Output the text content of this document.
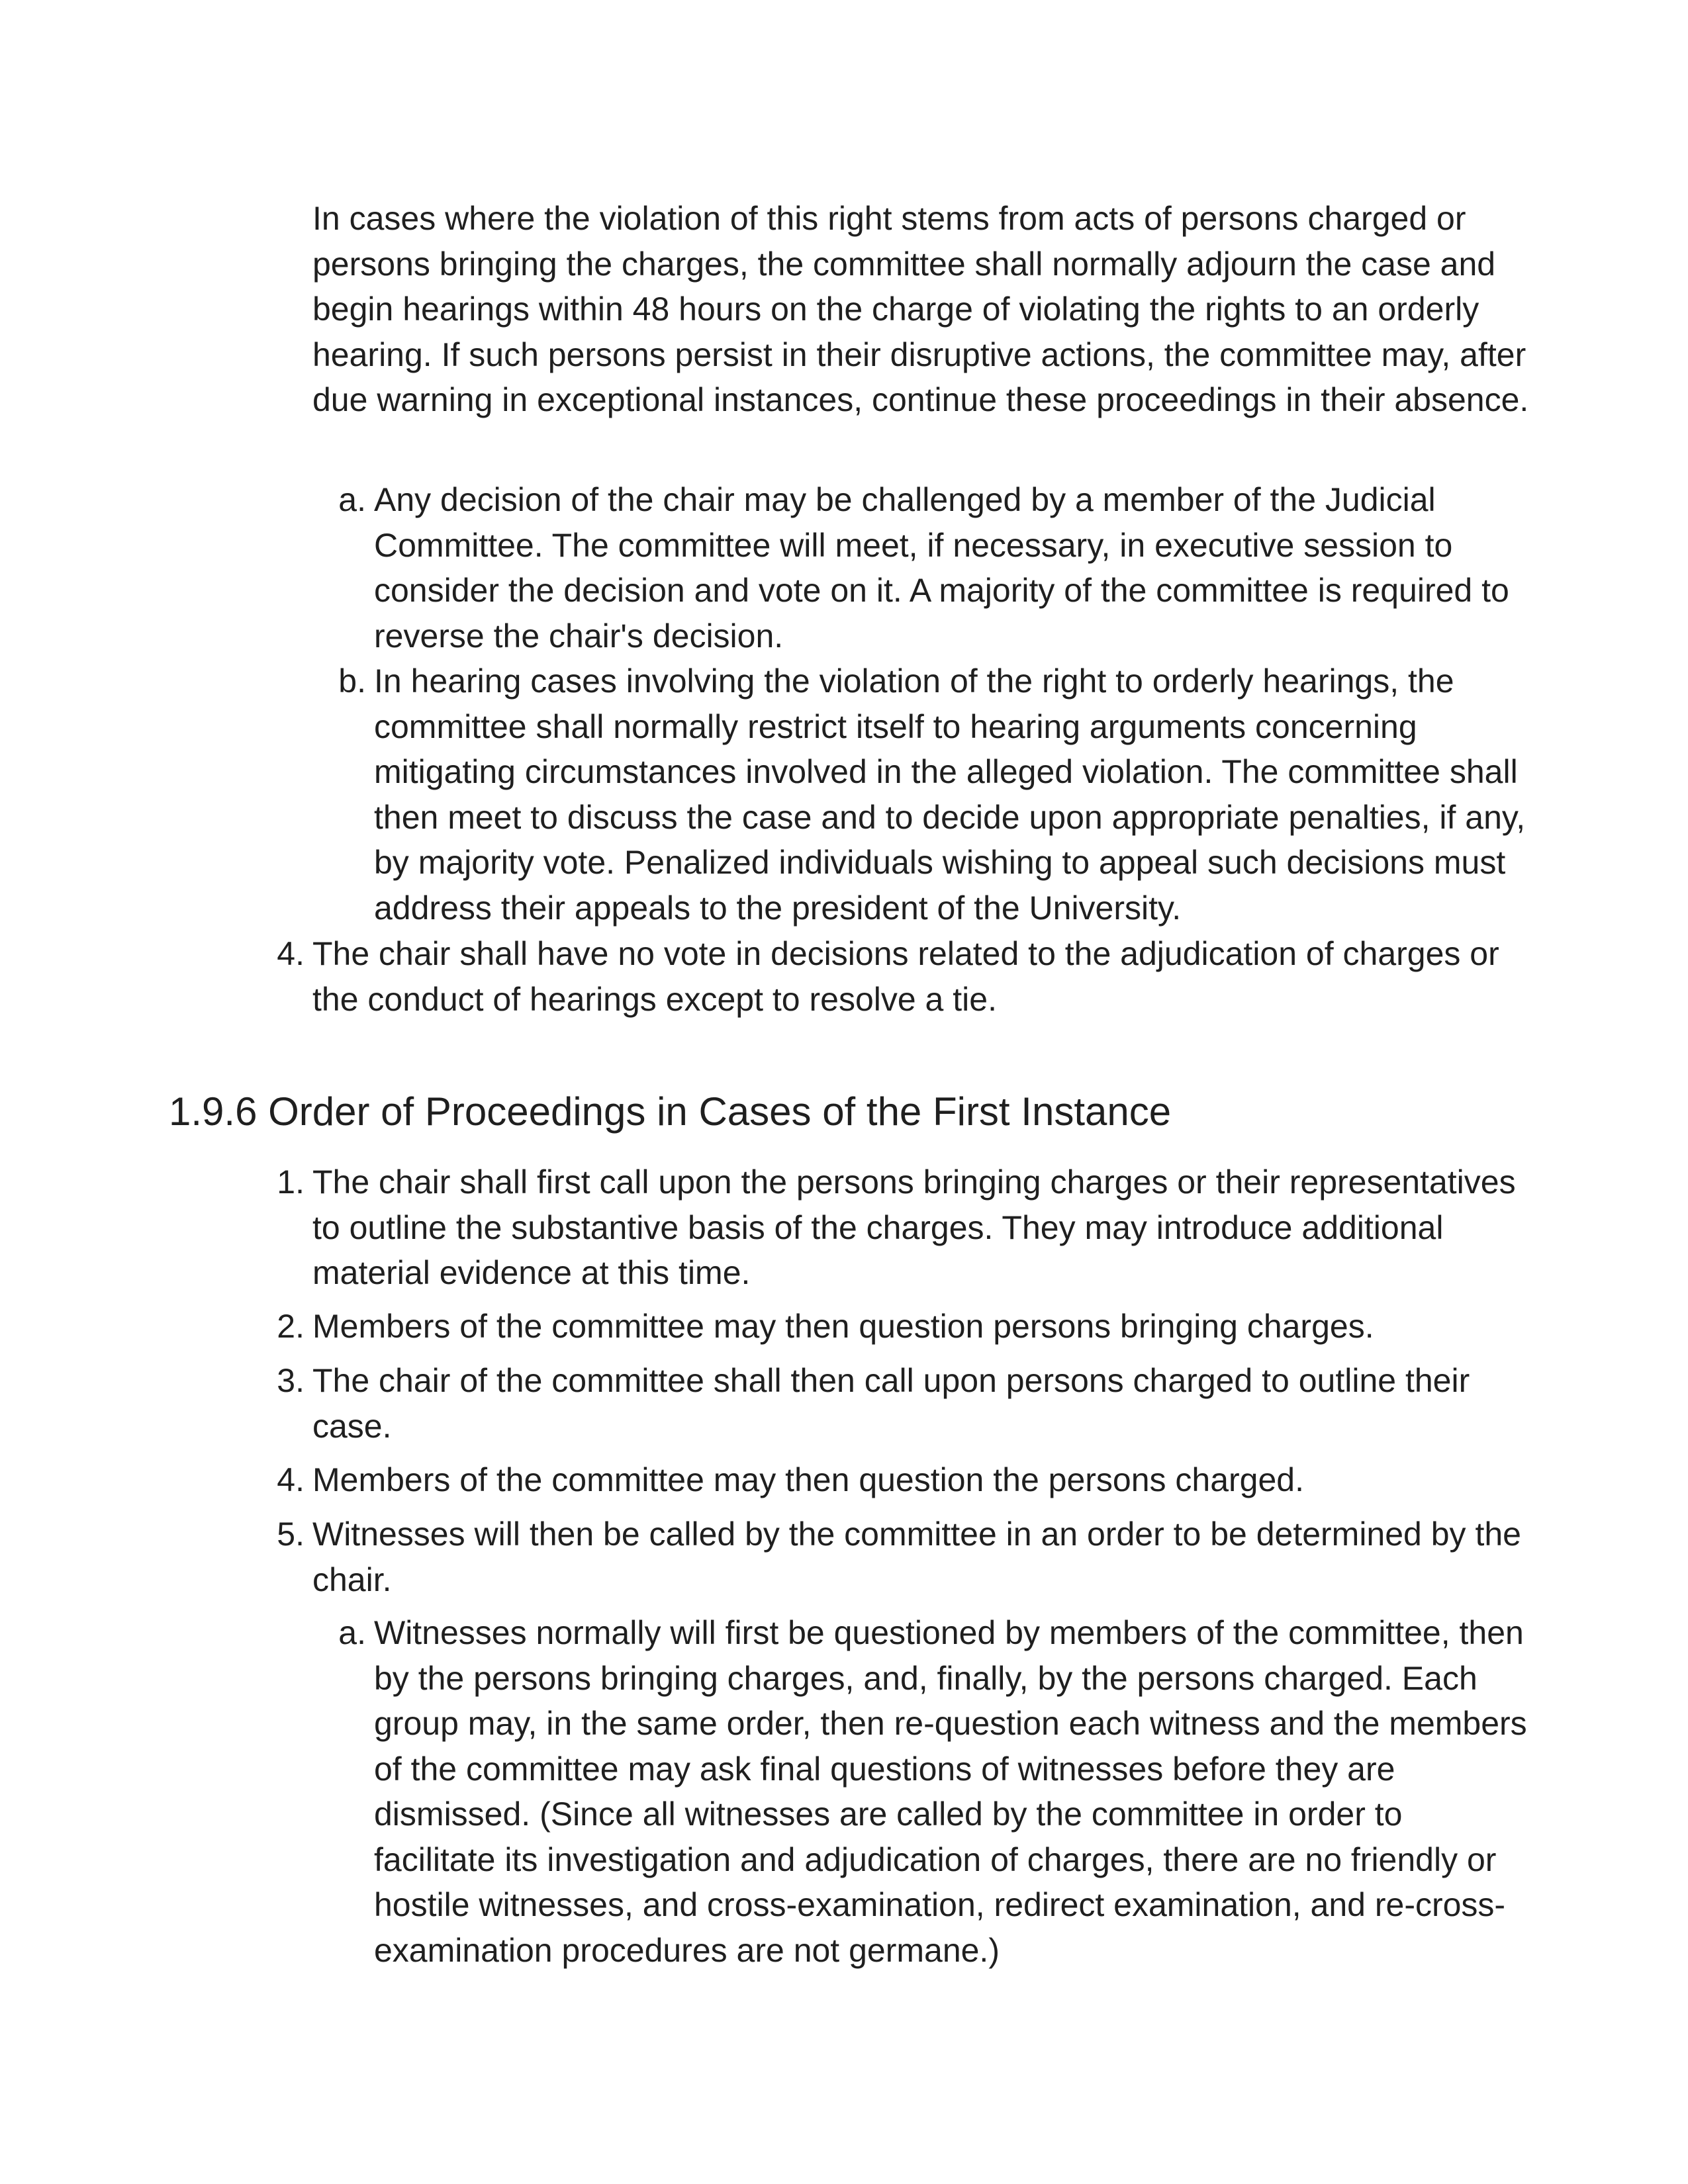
In cases where the violation of this right stems from acts of persons charged or persons bringing the charges, the committee shall normally adjourn the case and begin hearings within 48 hours on the charge of violating the rights to an orderly hearing. If such persons persist in their disruptive actions, the committee may, after due warning in exceptional instances, continue these proceedings in their absence.

a. Any decision of the chair may be challenged by a member of the Judicial Committee. The committee will meet, if necessary, in executive session to consider the decision and vote on it. A majority of the committee is required to reverse the chair's decision.
b. In hearing cases involving the violation of the right to orderly hearings, the committee shall normally restrict itself to hearing arguments concerning mitigating circumstances involved in the alleged violation. The committee shall then meet to discuss the case and to decide upon appropriate penalties, if any, by majority vote. Penalized individuals wishing to appeal such decisions must address their appeals to the president of the University.
4. The chair shall have no vote in decisions related to the adjudication of charges or the conduct of hearings except to resolve a tie.
1.9.6 Order of Proceedings in Cases of the First Instance
1. The chair shall first call upon the persons bringing charges or their representatives to outline the substantive basis of the charges. They may introduce additional material evidence at this time.
2. Members of the committee may then question persons bringing charges.
3. The chair of the committee shall then call upon persons charged to outline their case.
4. Members of the committee may then question the persons charged.
5. Witnesses will then be called by the committee in an order to be determined by the chair.
a. Witnesses normally will first be questioned by members of the committee, then by the persons bringing charges, and, finally, by the persons charged. Each group may, in the same order, then re-question each witness and the members of the committee may ask final questions of witnesses before they are dismissed. (Since all witnesses are called by the committee in order to facilitate its investigation and adjudication of charges, there are no friendly or hostile witnesses, and cross-examination, redirect examination, and re-cross-examination procedures are not germane.)
